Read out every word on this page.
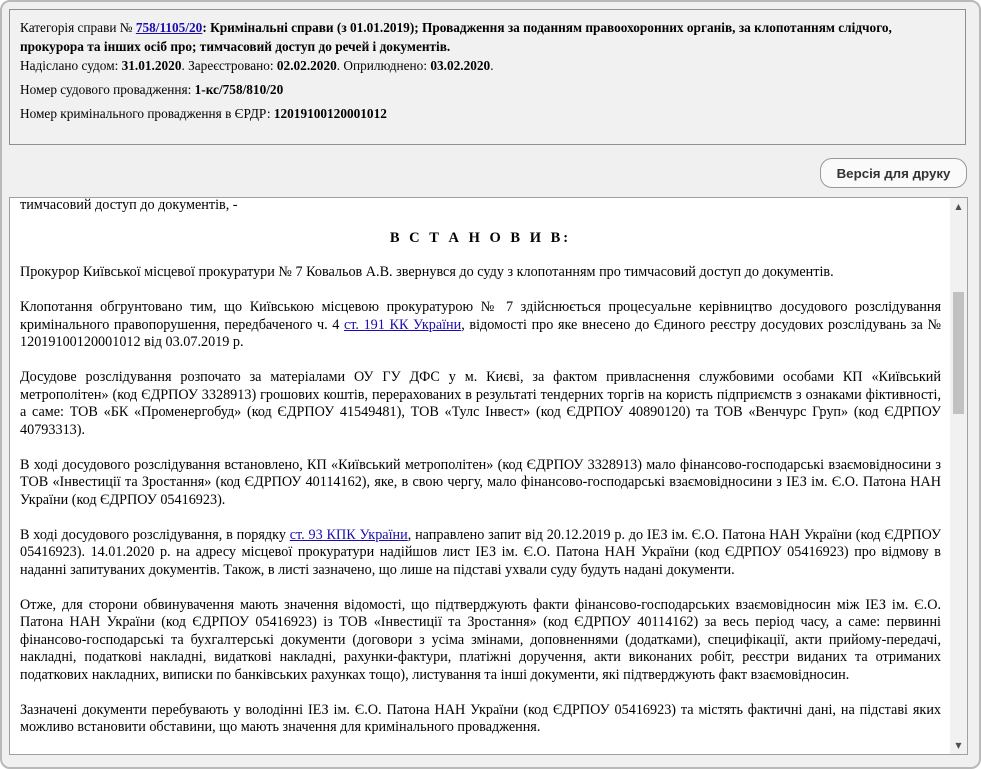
Категорія справи № 758/1105/20: Кримінальні справи (з 01.01.2019); Провадження за поданням правоохоронних органів, за клопотанням слідчого, прокурора та інших осіб про; тимчасовий доступ до речей і документів.

Надіслано судом: 31.01.2020. Зареєстровано: 02.02.2020. Оприлюднено: 03.02.2020.

Номер судового провадження: 1-кс/758/810/20

Номер кримінального провадження в ЄРДР: 12019100120001012

Версія для друку

тимчасовий доступ до документів, -

В С Т А Н О В И В:

Прокурор Київської місцевої прокуратури № 7 Ковальов А.В. звернувся до суду з клопотанням про тимчасовий доступ до документів.

Клопотання обгрунтовано тим, що Київською місцевою прокуратурою № 7 здійснюється процесуальне керівництво досудового розслідування кримінального правопорушення, передбаченого ч. 4 ст. 191 КК України, відомості про яке внесено до Єдиного реєстру досудових розслідувань за № 12019100120001012 від 03.07.2019 р.

Досудове розслідування розпочато за матеріалами ОУ ГУ ДФС у м. Києві, за фактом привласнення службовими особами КП «Київський метрополітен» (код ЄДРПОУ 3328913) грошових коштів, перерахованих в результаті тендерних торгів на користь підприємств з ознаками фіктивності, а саме: ТОВ «БК «Променергобуд» (код ЄДРПОУ 41549481), ТОВ «Тулс Інвест» (код ЄДРПОУ 40890120) та ТОВ «Венчурс Груп» (код ЄДРПОУ 40793313).

В ході досудового розслідування встановлено, КП «Київський метрополітен» (код ЄДРПОУ 3328913) мало фінансово-господарські взаємовідносини з ТОВ «Інвестиції та Зростання» (код ЄДРПОУ 40114162), яке, в свою чергу, мало фінансово-господарські взаємовідносини з ІЕЗ ім. Є.О. Патона НАН України (код ЄДРПОУ 05416923).

В ході досудового розслідування, в порядку ст. 93 КПК України, направлено запит від 20.12.2019 р. до ІЕЗ ім. Є.О. Патона НАН України (код ЄДРПОУ 05416923). 14.01.2020 р. на адресу місцевої прокуратури надійшов лист ІЕЗ ім. Є.О. Патона НАН України (код ЄДРПОУ 05416923) про відмову в наданні запитуваних документів. Також, в листі зазначено, що лише на підставі ухвали суду будуть надані документи.

Отже, для сторони обвинувачення мають значення відомості, що підтверджують факти фінансово-господарських взаємовідносин між ІЕЗ ім. Є.О. Патона НАН України (код ЄДРПОУ 05416923) із ТОВ «Інвестиції та Зростання» (код ЄДРПОУ 40114162) за весь період часу, а саме: первинні фінансово-господарські та бухгалтерські документи (договори з усіма змінами, доповненнями (додатками), специфікації, акти прийому-передачі, накладні, податкові накладні, видаткові накладні, рахунки-фактури, платіжні доручення, акти виконаних робіт, реєстри виданих та отриманих податкових накладних, виписки по банківських рахунках тощо), листування та інші документи, які підтверджують факт взаємовідносин.

Зазначені документи перебувають у володінні ІЕЗ ім. Є.О. Патона НАН України (код ЄДРПОУ 05416923) та містять фактичні дані, на підставі яких можливо встановити обставини, що мають значення для кримінального провадження.

▲
▼
